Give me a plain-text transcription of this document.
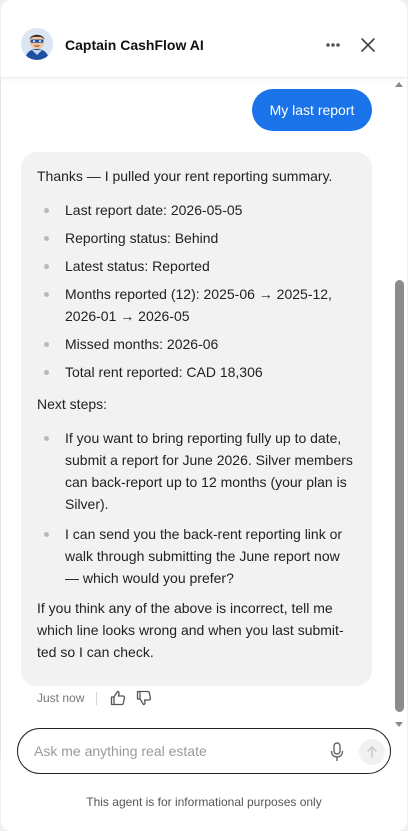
Captain CashFlow AI
My last report

Thanks — I pulled your rent reporting summary.

Last report date: 2026-05-05
Reporting status: Behind
Latest status: Reported
Months reported (12): 2025-06 → 2025-12, 2026-01 → 2026-05
Missed months: 2026-06
Total rent reported: CAD 18,306

Next steps:

If you want to bring reporting fully up to date, submit a report for June 2026. Silver members can back-report up to 12 months (your plan is Silver).
I can send you the back-rent reporting link or walk through submitting the June report now — which would you prefer?

If you think any of the above is incorrect, tell me which line looks wrong and when you last submitted so I can check.

Just now
Ask me anything real estate
This agent is for informational purposes only
